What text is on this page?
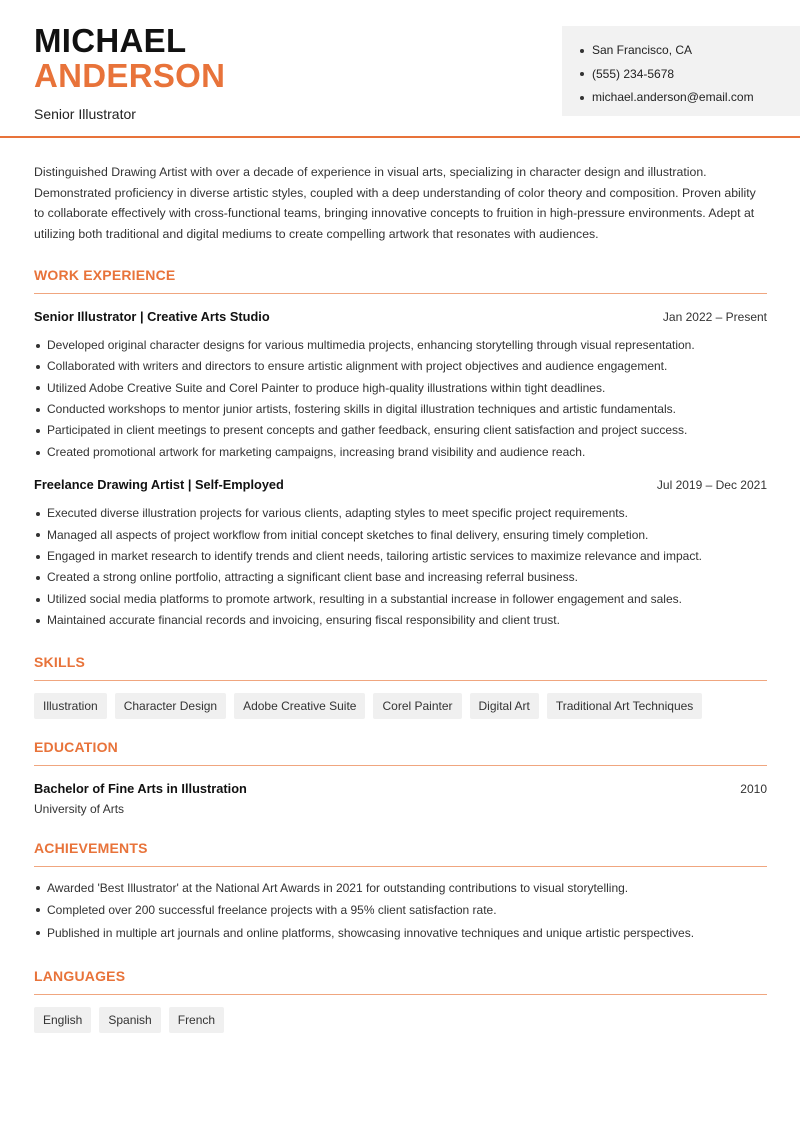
MICHAEL
ANDERSON
Senior Illustrator
San Francisco, CA
(555) 234-5678
michael.anderson@email.com

Distinguished Drawing Artist with over a decade of experience in visual arts, specializing in character design and illustration. Demonstrated proficiency in diverse artistic styles, coupled with a deep understanding of color theory and composition. Proven ability to collaborate effectively with cross-functional teams, bringing innovative concepts to fruition in high-pressure environments. Adept at utilizing both traditional and digital mediums to create compelling artwork that resonates with audiences.

WORK EXPERIENCE
Senior Illustrator | Creative Arts Studio	Jan 2022 – Present
Developed original character designs for various multimedia projects, enhancing storytelling through visual representation.
Collaborated with writers and directors to ensure artistic alignment with project objectives and audience engagement.
Utilized Adobe Creative Suite and Corel Painter to produce high-quality illustrations within tight deadlines.
Conducted workshops to mentor junior artists, fostering skills in digital illustration techniques and artistic fundamentals.
Participated in client meetings to present concepts and gather feedback, ensuring client satisfaction and project success.
Created promotional artwork for marketing campaigns, increasing brand visibility and audience reach.
Freelance Drawing Artist | Self-Employed	Jul 2019 – Dec 2021
Executed diverse illustration projects for various clients, adapting styles to meet specific project requirements.
Managed all aspects of project workflow from initial concept sketches to final delivery, ensuring timely completion.
Engaged in market research to identify trends and client needs, tailoring artistic services to maximize relevance and impact.
Created a strong online portfolio, attracting a significant client base and increasing referral business.
Utilized social media platforms to promote artwork, resulting in a substantial increase in follower engagement and sales.
Maintained accurate financial records and invoicing, ensuring fiscal responsibility and client trust.
SKILLS
Illustration	Character Design	Adobe Creative Suite	Corel Painter	Digital Art	Traditional Art Techniques
EDUCATION
Bachelor of Fine Arts in Illustration	2010
University of Arts
ACHIEVEMENTS
Awarded 'Best Illustrator' at the National Art Awards in 2021 for outstanding contributions to visual storytelling.
Completed over 200 successful freelance projects with a 95% client satisfaction rate.
Published in multiple art journals and online platforms, showcasing innovative techniques and unique artistic perspectives.
LANGUAGES
English	Spanish	French
